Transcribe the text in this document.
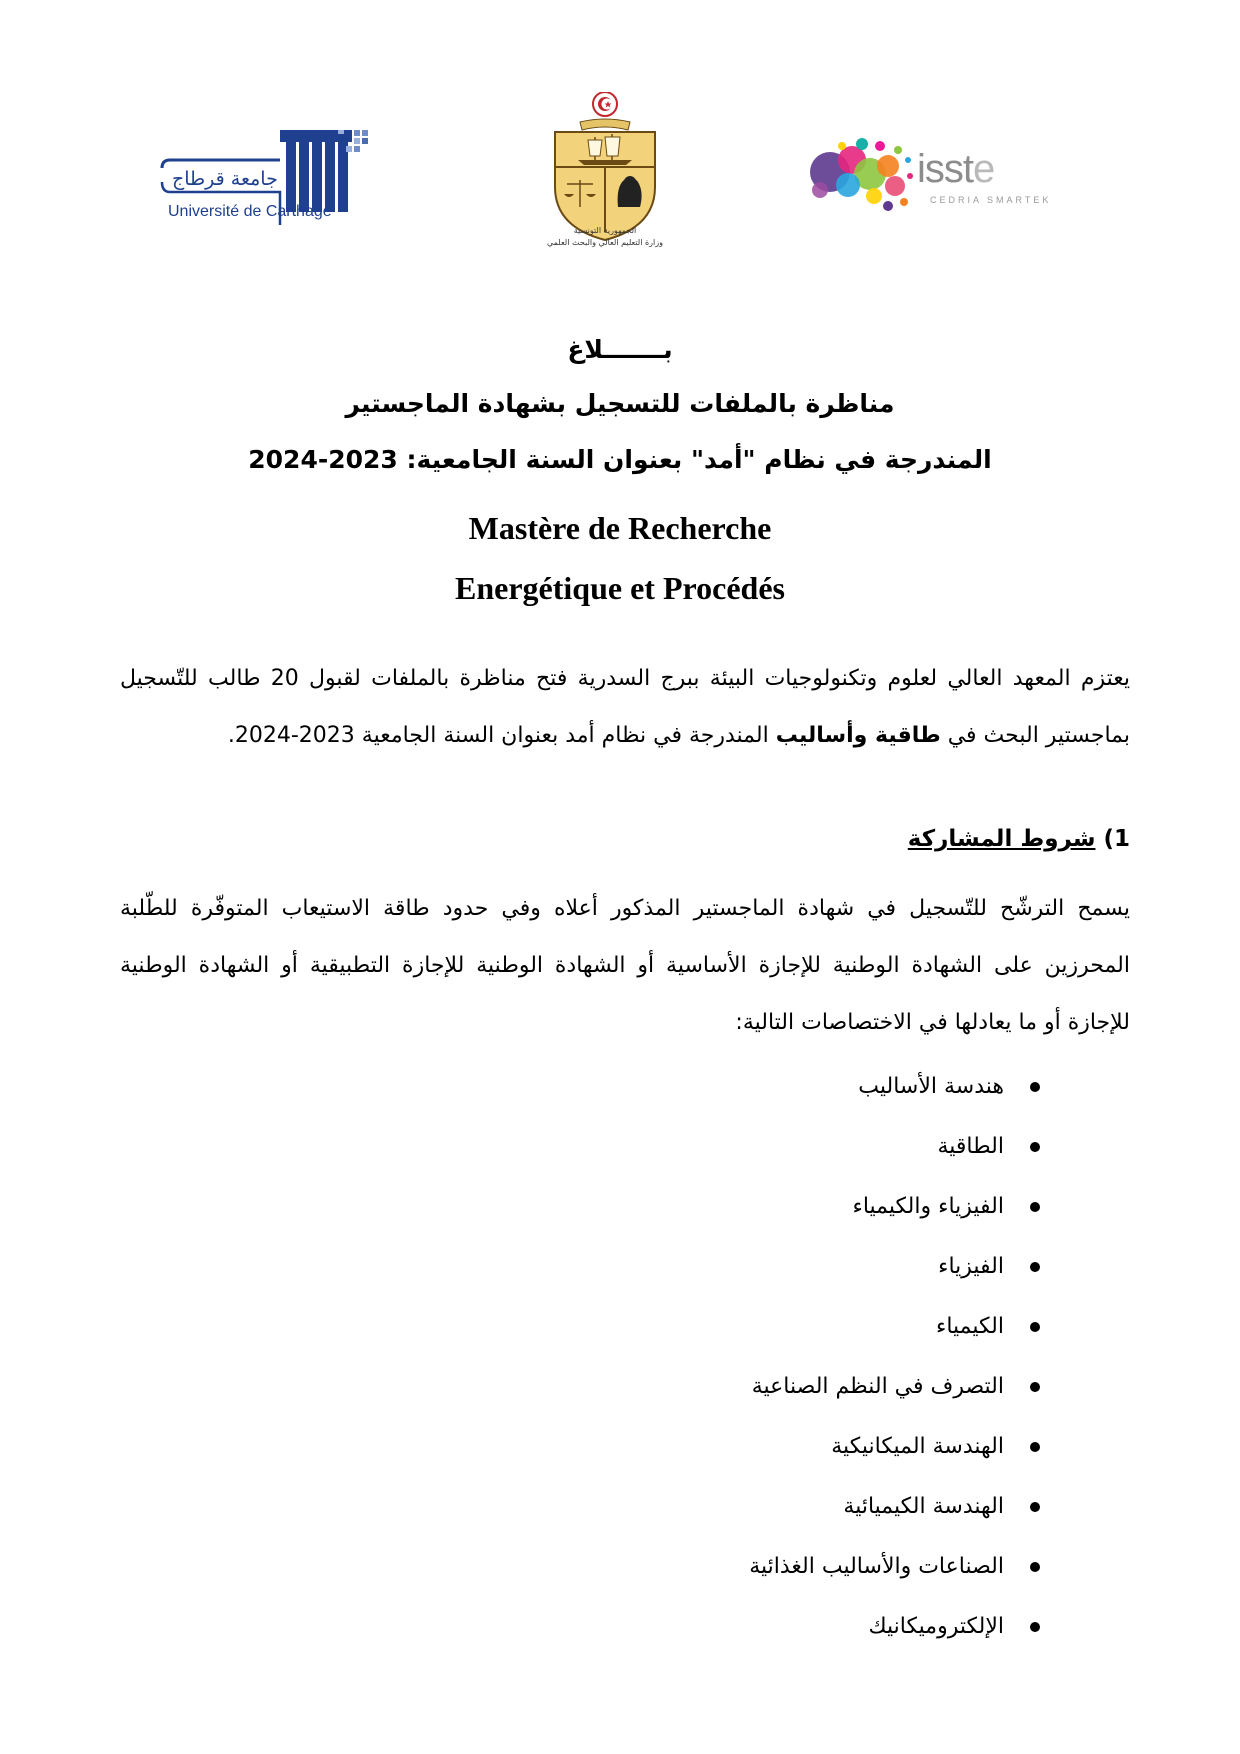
جامعة قرطاج
Université de Carthage
الجمهورية التونسية
وزارة التعليم العالي والبحث العلمي
isste
CEDRIA SMARTEK
بـــــــلاغ
مناظرة بالملفات للتسجيل بشهادة الماجستير
المندرجة في نظام "أمد" بعنوان السنة الجامعية: 2023-2024
Mastère de Recherche
Energétique et Procédés
يعتزم المعهد العالي لعلوم وتكنولوجيات البيئة ببرج السدرية فتح مناظرة بالملفات لقبول 20 طالب للتّسجيل بماجستير البحث في طاقية وأساليب المندرجة في نظام أمد بعنوان السنة الجامعية 2023-2024.
1) شروط المشاركة
يسمح الترشّح للتّسجيل في شهادة الماجستير المذكور أعلاه وفي حدود طاقة الاستيعاب المتوفّرة للطّلبة المحرزين على الشهادة الوطنية للإجازة الأساسية أو الشهادة الوطنية للإجازة التطبيقية أو الشهادة الوطنية للإجازة أو ما يعادلها في الاختصاصات التالية:
هندسة الأساليب
الطاقية
الفيزياء والكيمياء
الفيزياء
الكيمياء
التصرف في النظم الصناعية
الهندسة الميكانيكية
الهندسة الكيميائية
الصناعات والأساليب الغذائية
الإلكتروميكانيك
